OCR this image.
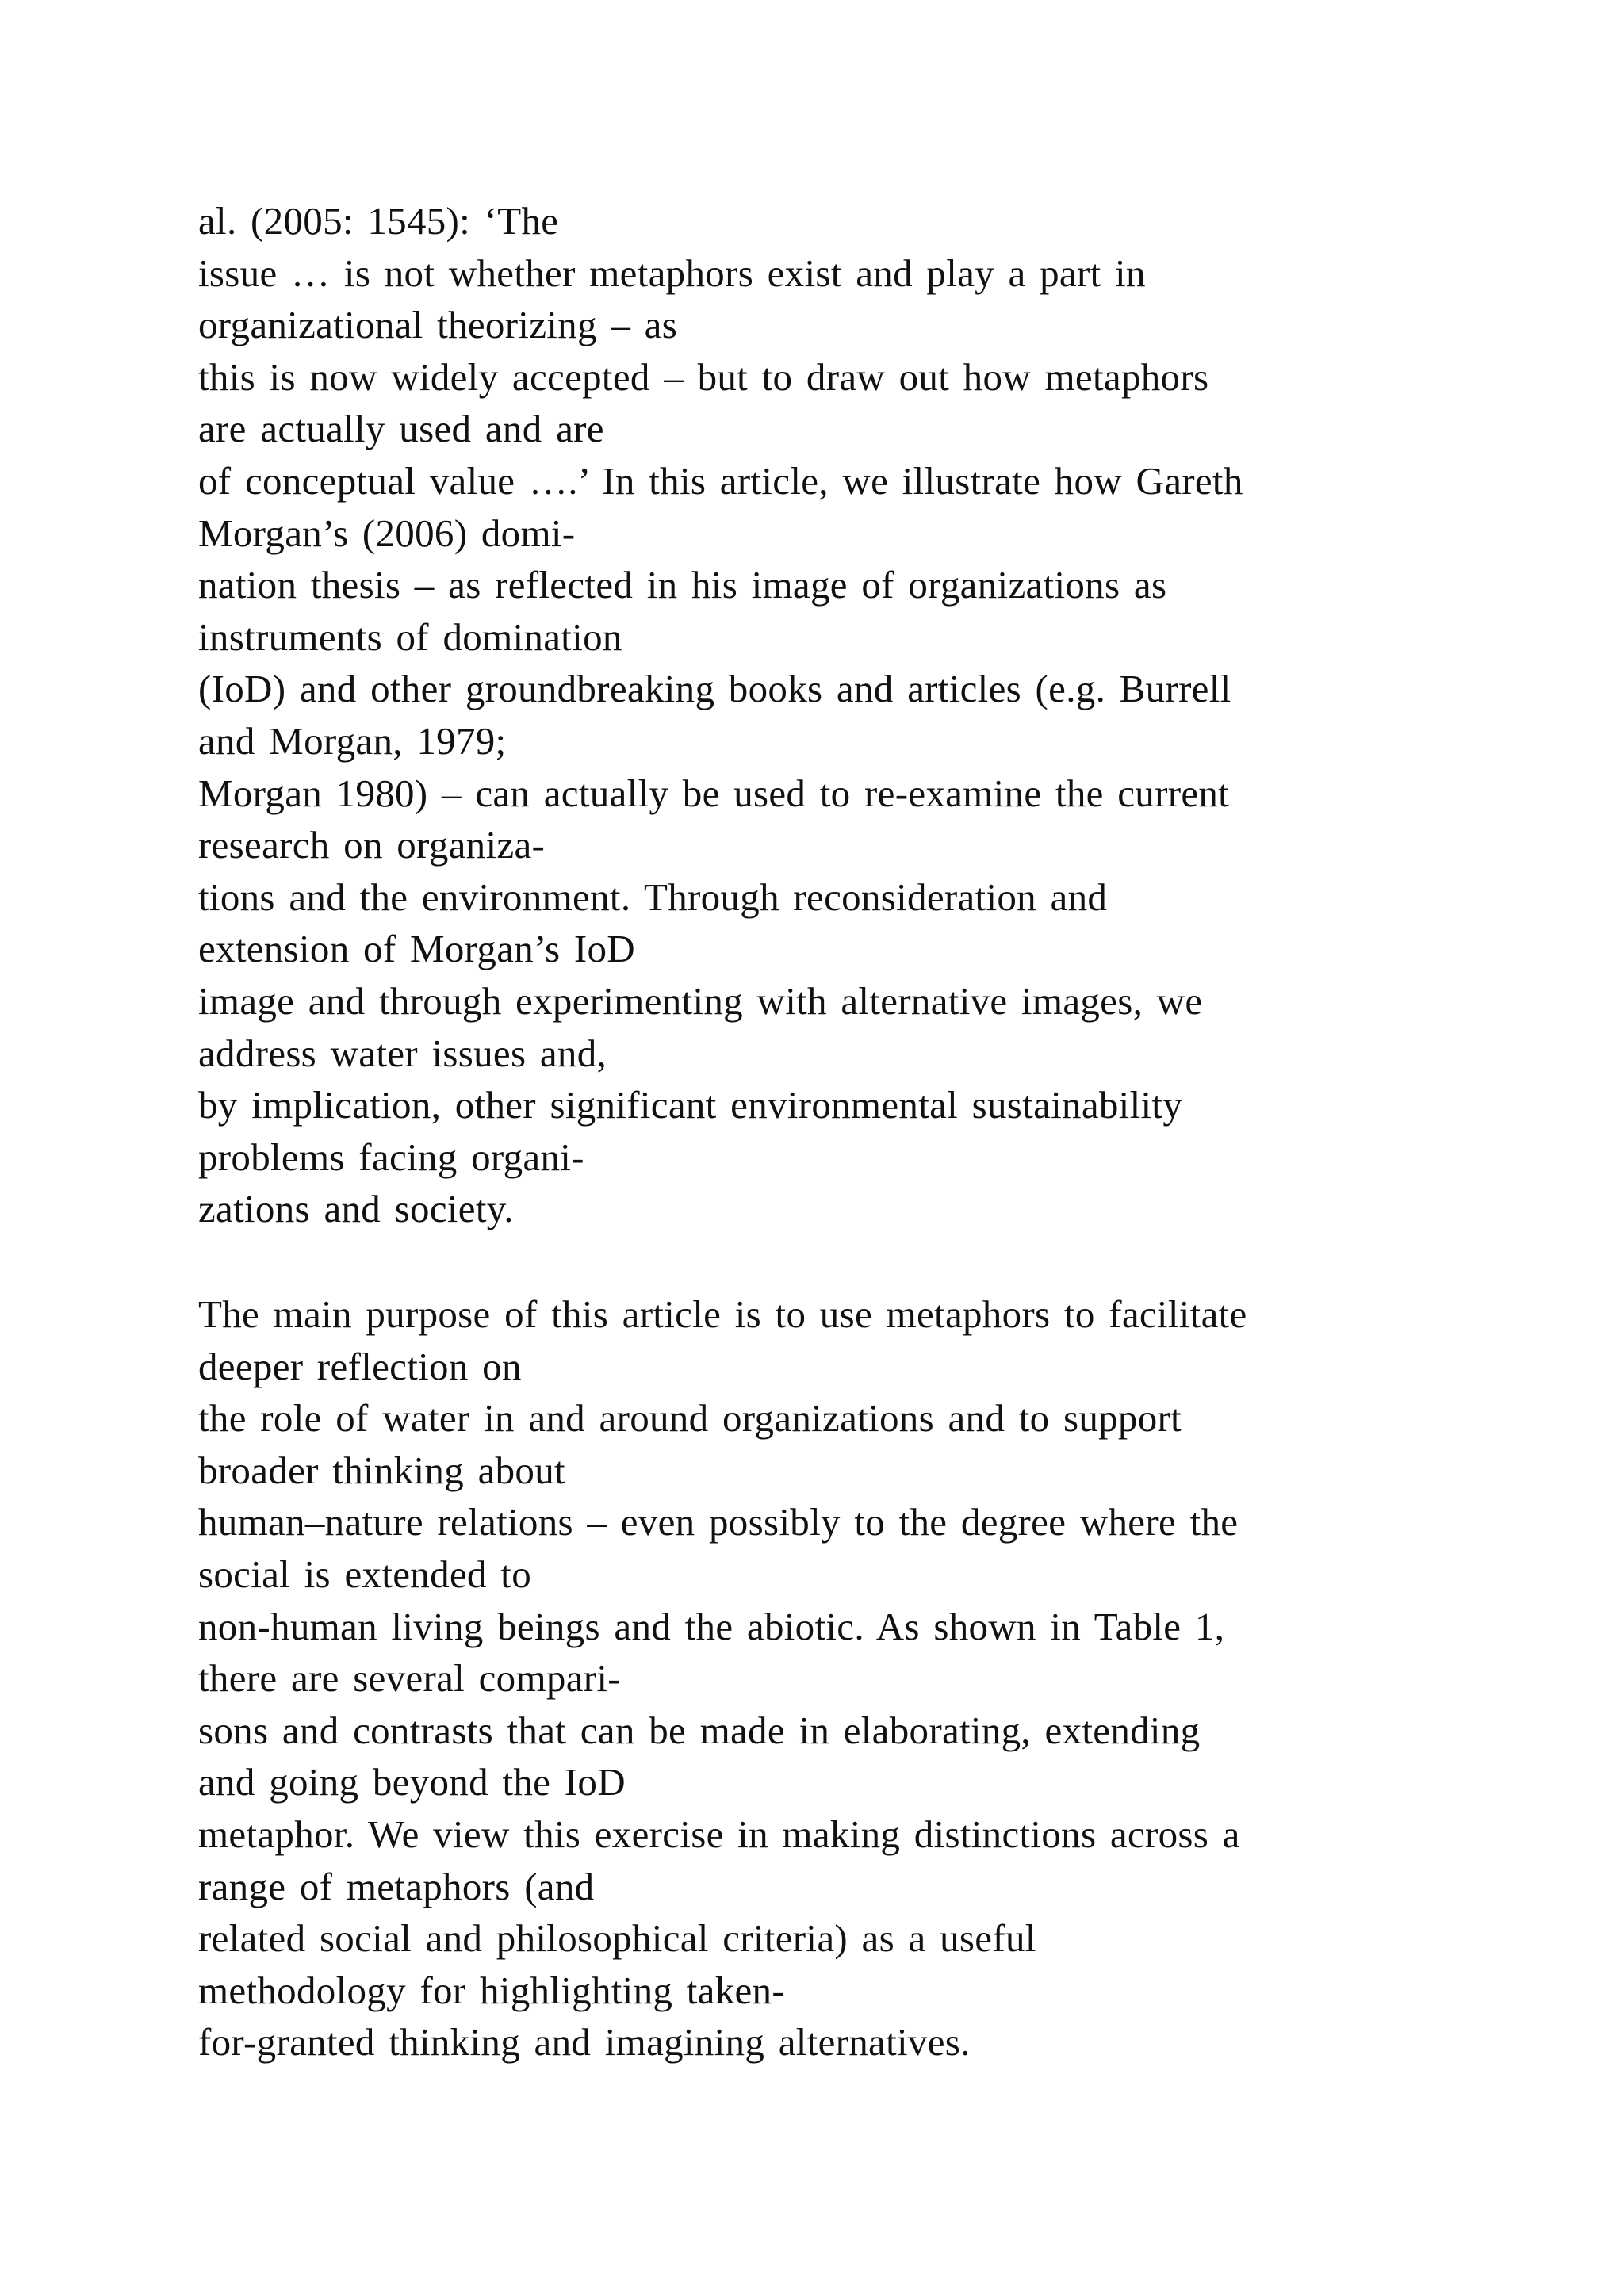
al. (2005: 1545): ‘The
issue … is not whether metaphors exist and play a part in
organizational theorizing – as
this is now widely accepted – but to draw out how metaphors
are actually used and are
of conceptual value ….’ In this article, we illustrate how Gareth
Morgan’s (2006) domi-
nation thesis – as reflected in his image of organizations as
instruments of domination
(IoD) and other groundbreaking books and articles (e.g. Burrell
and Morgan, 1979;
Morgan 1980) – can actually be used to re-examine the current
research on organiza-
tions and the environment. Through reconsideration and
extension of Morgan’s IoD
image and through experimenting with alternative images, we
address water issues and,
by implication, other significant environmental sustainability
problems facing organi-
zations and society.
The main purpose of this article is to use metaphors to facilitate
deeper reflection on
the role of water in and around organizations and to support
broader thinking about
human–nature relations – even possibly to the degree where the
social is extended to
non-human living beings and the abiotic. As shown in Table 1,
there are several compari-
sons and contrasts that can be made in elaborating, extending
and going beyond the IoD
metaphor. We view this exercise in making distinctions across a
range of metaphors (and
related social and philosophical criteria) as a useful
methodology for highlighting taken-
for-granted thinking and imagining alternatives.
